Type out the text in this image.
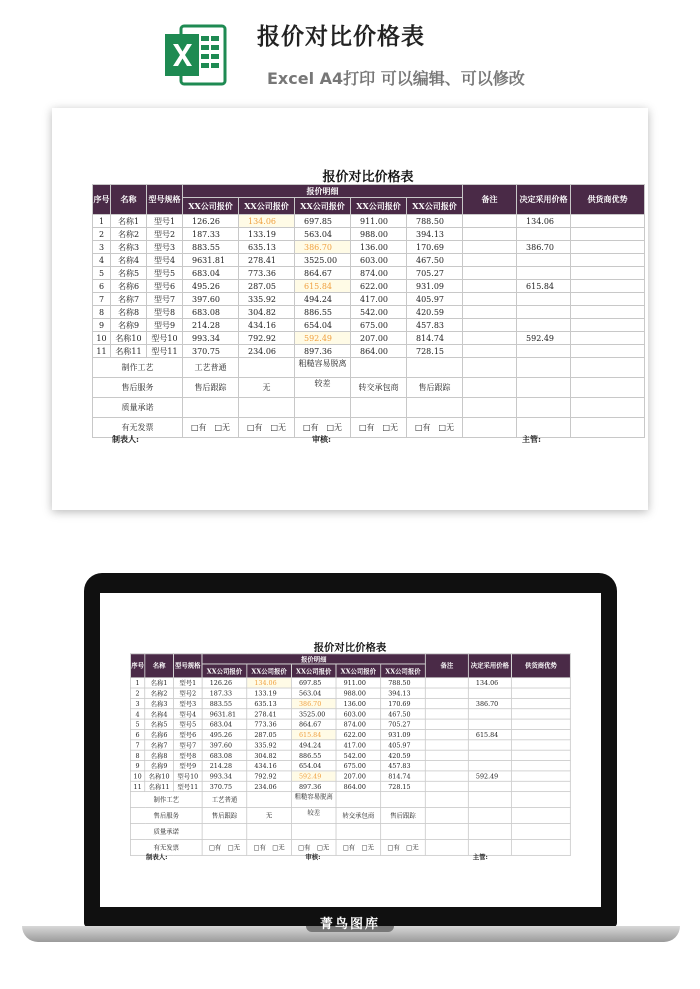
报价对比价格表
Excel A4打印 可以编辑、可以修改
报价对比价格表
序号	名称	型号规格	报价明细					备注	决定采用价格	供货商优势
			XX公司报价	XX公司报价	XX公司报价	XX公司报价	XX公司报价			
1	名称1	型号1	126.26	134.06	697.85	911.00	788.50		134.06	
2	名称2	型号2	187.33	133.19	563.04	988.00	394.13			
3	名称3	型号3	883.55	635.13	386.70	136.00	170.69		386.70	
4	名称4	型号4	9631.81	278.41	3525.00	603.00	467.50			
5	名称5	型号5	683.04	773.36	864.67	874.00	705.27			
6	名称6	型号6	495.26	287.05	615.84	622.00	931.09		615.84	
7	名称7	型号7	397.60	335.92	494.24	417.00	405.97			
8	名称8	型号8	683.08	304.82	886.55	542.00	420.59			
9	名称9	型号9	214.28	434.16	654.04	675.00	457.83			
10	名称10	型号10	993.34	792.92	592.49	207.00	814.74		592.49	
11	名称11	型号11	370.75	234.06	897.36	864.00	728.15			
制作工艺			工艺普通		粗糙容易脱离					
售后服务			售后跟踪	无	较差	转交承包商	售后跟踪			
质量承诺										
有无发票			□有 □无	□有 □无	□有 □无	□有 □无	□有 □无			
制表人:	审核:	主管:
报价对比价格表
序号	名称	型号规格	报价明细					备注	决定采用价格	供货商优势
			XX公司报价	XX公司报价	XX公司报价	XX公司报价	XX公司报价			
1	名称1	型号1	126.26	134.06	697.85	911.00	788.50		134.06	
2	名称2	型号2	187.33	133.19	563.04	988.00	394.13			
3	名称3	型号3	883.55	635.13	386.70	136.00	170.69		386.70	
4	名称4	型号4	9631.81	278.41	3525.00	603.00	467.50			
5	名称5	型号5	683.04	773.36	864.67	874.00	705.27			
6	名称6	型号6	495.26	287.05	615.84	622.00	931.09		615.84	
7	名称7	型号7	397.60	335.92	494.24	417.00	405.97			
8	名称8	型号8	683.08	304.82	886.55	542.00	420.59			
9	名称9	型号9	214.28	434.16	654.04	675.00	457.83			
10	名称10	型号10	993.34	792.92	592.49	207.00	814.74		592.49	
11	名称11	型号11	370.75	234.06	897.36	864.00	728.15			
制作工艺			工艺普通		粗糙容易脱离					
售后服务			售后跟踪	无	较差	转交承包商	售后跟踪			
质量承诺										
有无发票			□有 □无	□有 □无	□有 □无	□有 □无	□有 □无			
制表人:	审核:	主管:
菁鸟图库
